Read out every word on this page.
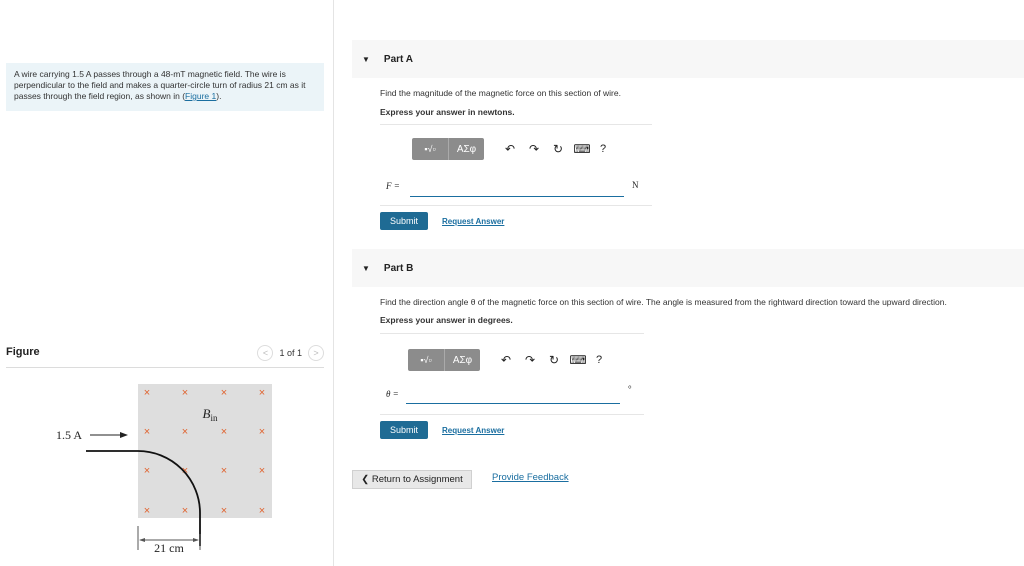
A wire carrying 1.5 A passes through a 48-mT magnetic field. The wire is perpendicular to the field and makes a quarter-circle turn of radius 21 cm as it passes through the field region, as shown in (Figure 1).
Figure	<	1 of 1	>
×	×	×	×
×	×	×	×
×	×	×	×
×	×	×	×
$B_{in}$
1.5 A
21 cm
▼ Part A
Find the magnitude of the magnetic force on this section of wire.
Express your answer in newtons.
▪√▫	ΑΣφ	↶	↷	↻ ⌨ ?
F =	N
Submit	Request Answer
▼ Part B
Find the direction angle θ of the magnetic force on this section of wire. The angle is measured from the rightward direction toward the upward direction.
Express your answer in degrees.
▪√▫	ΑΣφ	↶	↷	↻ ⌨ ?
θ =	°
Submit	Request Answer
❮ Return to Assignment	Provide Feedback
